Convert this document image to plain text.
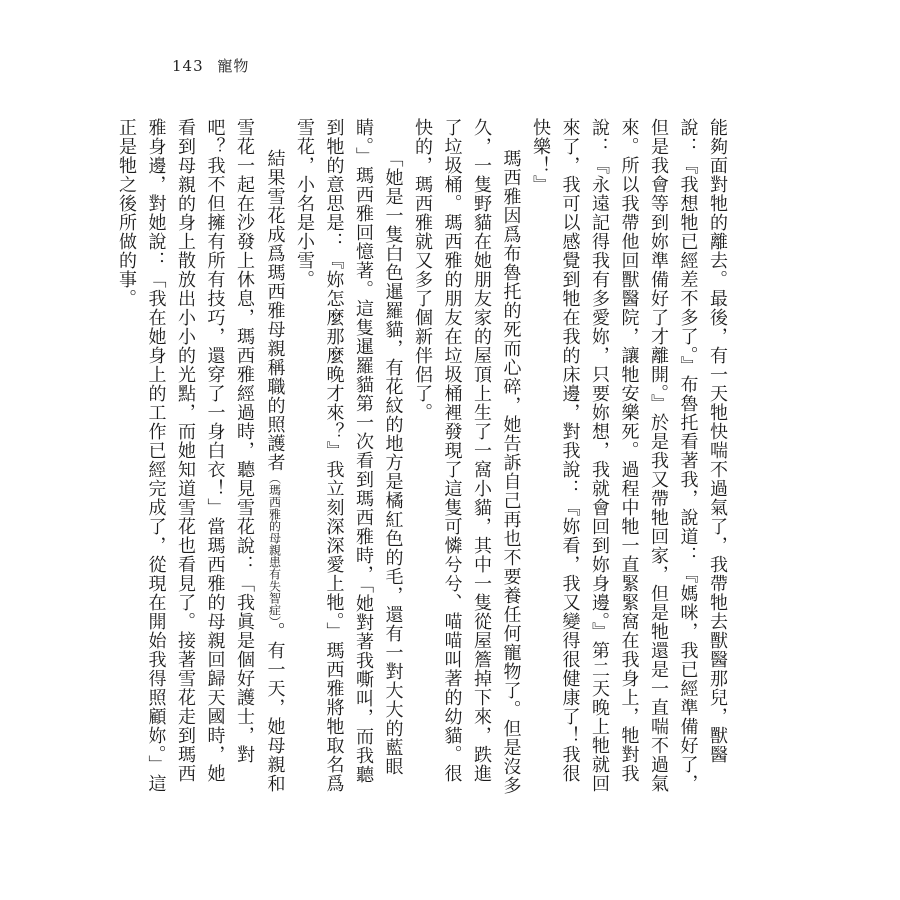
143 寵物

能夠面對牠的離去。最後，有一天牠快喘不過氣了，我帶牠去獸醫那兒，獸醫說：『我想牠已經差不多了。』布魯托看著我，說道：『媽咪，我已經準備好了，但是我會等到妳準備好了才離開。』於是我又帶牠回家，但是牠還是一直喘不過氣來。所以我帶他回獸醫院，讓牠安樂死。過程中牠一直緊緊窩在我身上，牠對我說：『永遠記得我有多愛妳，只要妳想，我就會回到妳身邊。』第二天晚上牠就回來了，我可以感覺到牠在我的床邊，對我說：『妳看，我又變得很健康了！我很快樂！』

瑪西雅因爲布魯托的死而心碎，她告訴自己再也不要養任何寵物了。但是沒多久，一隻野貓在她朋友家的屋頂上生了一窩小貓，其中一隻從屋簷掉下來，跌進了垃圾桶。瑪西雅的朋友在垃圾桶裡發現了這隻可憐兮兮、喵喵叫著的幼貓。很快的，瑪西雅就又多了個新伴侶了。

「她是一隻白色暹羅貓，有花紋的地方是橘紅色的毛，還有一對大大的藍眼睛。」瑪西雅回憶著。這隻暹羅貓第一次看到瑪西雅時，「她對著我嘶叫，而我聽到牠的意思是：『妳怎麼那麼晚才來？』我立刻深深愛上牠。」瑪西雅將牠取名爲雪花，小名是小雪。

結果雪花成爲瑪西雅母親稱職的照護者（瑪西雅的母親患有失智症）。有一天，她母親和雪花一起在沙發上休息，瑪西雅經過時，聽見雪花說：「我眞是個好護士，對吧？我不但擁有所有技巧，還穿了一身白衣！」當瑪西雅的母親回歸天國時，她看到母親的身上散放出小小的光點，而她知道雪花也看見了。接著雪花走到瑪西雅身邊，對她說：「我在她身上的工作已經完成了，從現在開始我得照顧妳。」這正是牠之後所做的事。
